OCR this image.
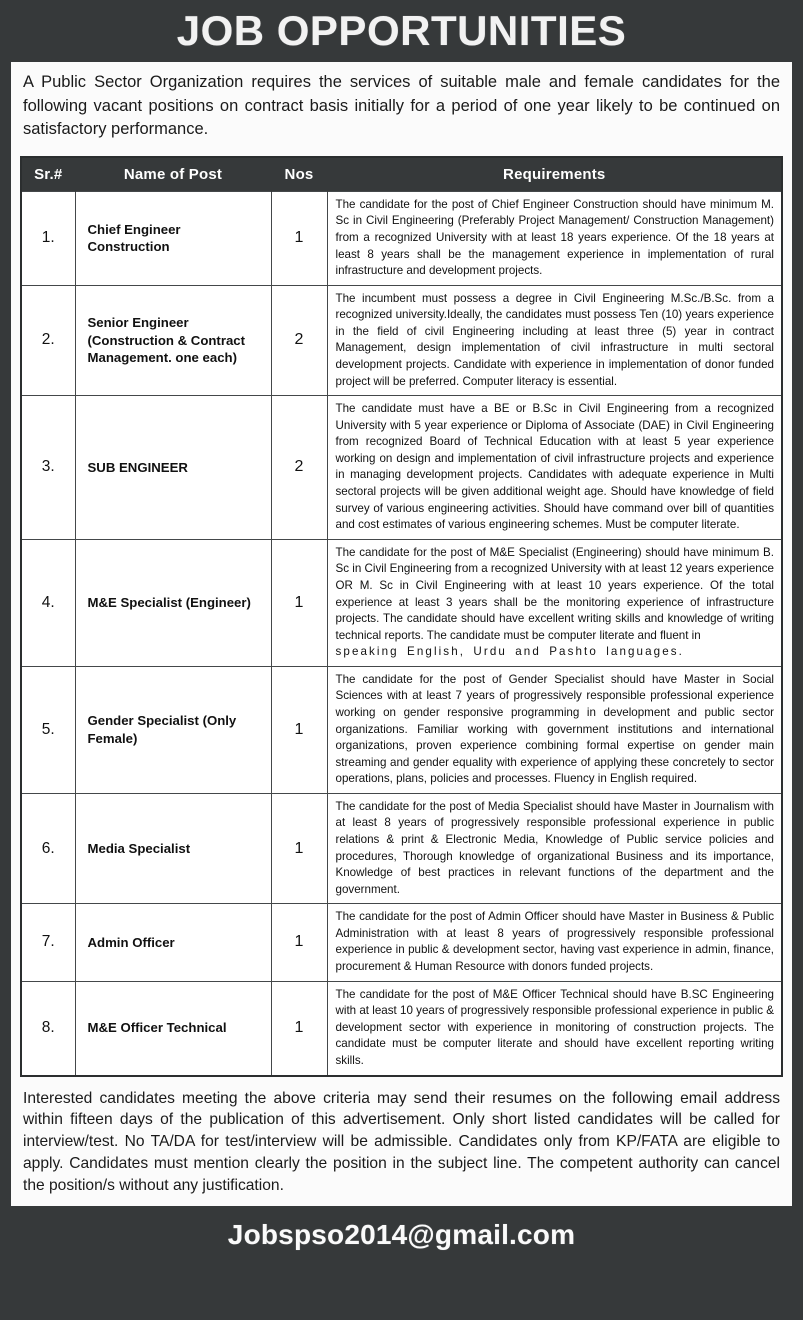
JOB OPPORTUNITIES
A Public Sector Organization requires the services of suitable male and female candidates for the following vacant positions on contract basis initially for a period of one year likely to be continued on satisfactory performance.
Sr.#	Name of Post	Nos	Requirements
1.	Chief Engineer Construction	1	The candidate for the post of Chief Engineer Construction should have minimum M. Sc in Civil Engineering (Preferably Project Management/ Construction Management) from a recognized University with at least 18 years experience. Of the 18 years at least 8 years shall be the management experience in implementation of rural infrastructure and development projects.

2.	Senior Engineer (Construction & Contract Management. one each)	2	The incumbent must possess a degree in Civil Engineering M.Sc./B.Sc. from a recognized university.Ideally, the candidates must possess Ten (10) years experience in the field of civil Engineering including at least three (5) year in contract Management, design implementation of civil infrastructure in multi sectoral development projects. Candidate with experience in implementation of donor funded project will be preferred. Computer literacy is essential.

3.	SUB ENGINEER	2	The candidate must have a BE or B.Sc in Civil Engineering from a recognized University with 5 year experience or Diploma of Associate (DAE) in Civil Engineering from recognized Board of Technical Education with at least 5 year experience working on design and implementation of civil infrastructure projects and experience in managing development projects. Candidates with adequate experience in Multi sectoral projects will be given additional weight age. Should have knowledge of field survey of various engineering activities. Should have command over bill of quantities and cost estimates of various engineering schemes. Must be computer literate.

4.	M&E Specialist (Engineer)	1	The candidate for the post of M&E Specialist (Engineering) should have minimum B. Sc in Civil Engineering from a recognized University with at least 12 years experience OR M. Sc in Civil Engineering with at least 10 years experience. Of the total experience at least 3 years shall be the monitoring experience of infrastructure projects. The candidate should have excellent writing skills and knowledge of writing technical reports. The candidate must be computer literate and fluent in

speaking English, Urdu and Pashto languages.

5.	Gender Specialist (Only Female)	1	The candidate for the post of Gender Specialist should have Master in Social Sciences with at least 7 years of progressively responsible professional experience working on gender responsive programming in development and public sector organizations. Familiar working with government institutions and international organizations, proven experience combining formal expertise on gender main streaming and gender equality with experience of applying these concretely to sector operations, plans, policies and processes. Fluency in English required.

6.	Media Specialist	1	The candidate for the post of Media Specialist should have Master in Journalism with at least 8 years of progressively responsible professional experience in public relations & print & Electronic Media, Knowledge of Public service policies and procedures, Thorough knowledge of organizational Business and its importance, Knowledge of best practices in relevant functions of the department and the government.

7.	Admin Officer	1	The candidate for the post of Admin Officer should have Master in Business & Public Administration with at least 8 years of progressively responsible professional experience in public & development sector, having vast experience in admin, finance, procurement & Human Resource with donors funded projects.

8.	M&E Officer Technical	1	The candidate for the post of M&E Officer Technical should have B.SC Engineering with at least 10 years of progressively responsible professional experience in public & development sector with experience in monitoring of construction projects. The candidate must be computer literate and should have excellent reporting writing skills.

Interested candidates meeting the above criteria may send their resumes on the following email address within fifteen days of the publication of this advertisement. Only short listed candidates will be called for interview/test. No TA/DA for test/interview will be admissible. Candidates only from KP/FATA are eligible to apply. Candidates must mention clearly the position in the subject line. The competent authority can cancel the position/s without any justification.
Jobspso2014@gmail.com
